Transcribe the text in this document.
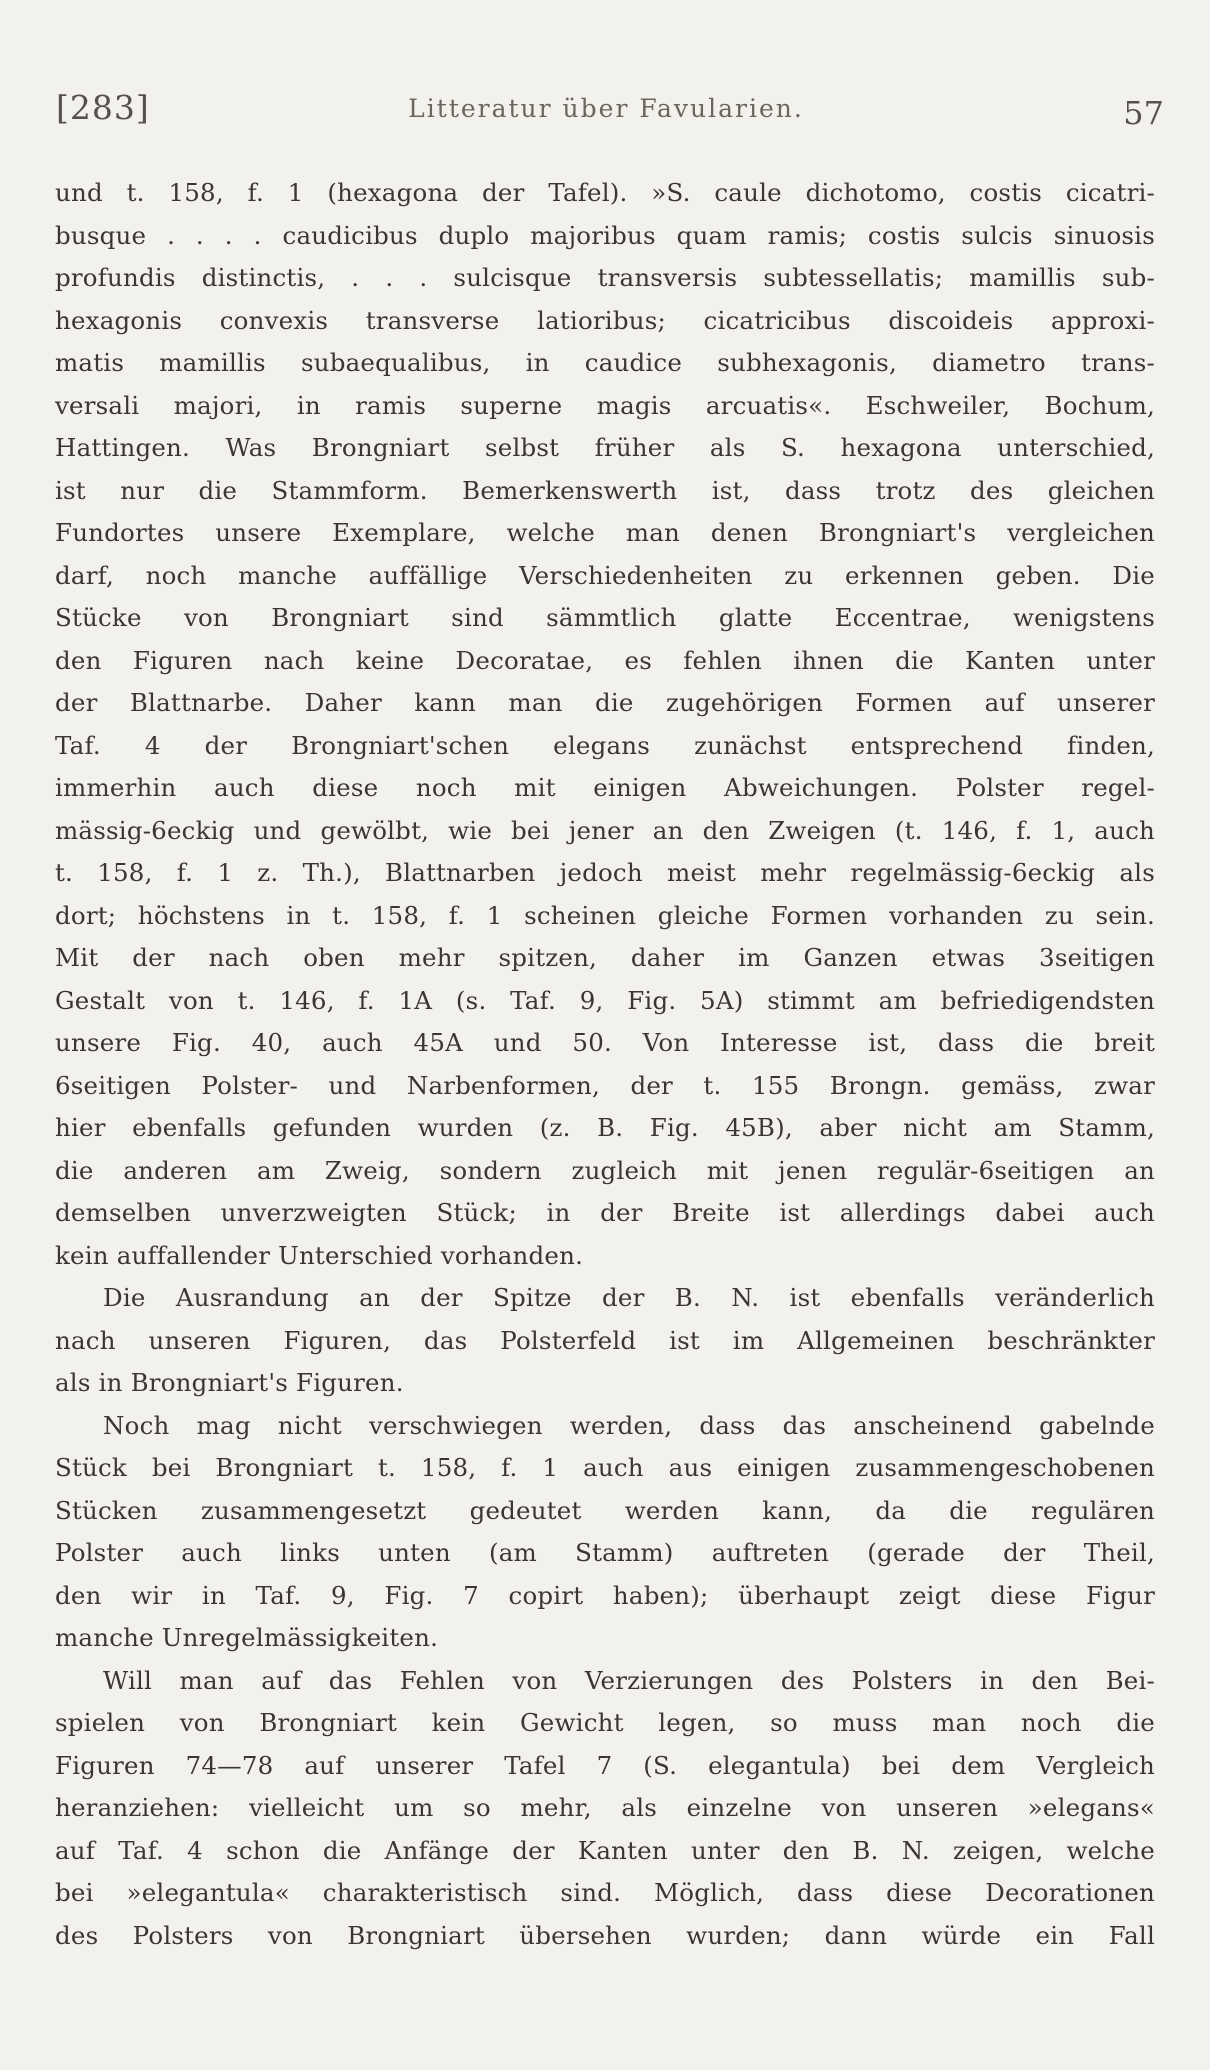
[283]	Litteratur über Favularien.	57
und t. 158, f. 1 (hexagona der Tafel). »S. caule dichotomo, costis cicatri-
busque . . . . caudicibus duplo majoribus quam ramis; costis sulcis sinuosis
profundis distinctis, . . . sulcisque transversis subtessellatis; mamillis sub-
hexagonis convexis transverse latioribus; cicatricibus discoideis approxi-
matis mamillis subaequalibus, in caudice subhexagonis, diametro trans-
versali majori, in ramis superne magis arcuatis«. Eschweiler, Bochum,
Hattingen. Was Brongniart selbst früher als S. hexagona unterschied,
ist nur die Stammform. Bemerkenswerth ist, dass trotz des gleichen
Fundortes unsere Exemplare, welche man denen Brongniart's vergleichen
darf, noch manche auffällige Verschiedenheiten zu erkennen geben. Die
Stücke von Brongniart sind sämmtlich glatte Eccentrae, wenigstens
den Figuren nach keine Decoratae, es fehlen ihnen die Kanten unter
der Blattnarbe. Daher kann man die zugehörigen Formen auf unserer
Taf. 4 der Brongniart'schen elegans zunächst entsprechend finden,
immerhin auch diese noch mit einigen Abweichungen. Polster regel-
mässig-6eckig und gewölbt, wie bei jener an den Zweigen (t. 146, f. 1, auch
t. 158, f. 1 z. Th.), Blattnarben jedoch meist mehr regelmässig-6eckig als
dort; höchstens in t. 158, f. 1 scheinen gleiche Formen vorhanden zu sein.
Mit der nach oben mehr spitzen, daher im Ganzen etwas 3seitigen
Gestalt von t. 146, f. 1A (s. Taf. 9, Fig. 5A) stimmt am befriedigendsten
unsere Fig. 40, auch 45A und 50. Von Interesse ist, dass die breit
6seitigen Polster- und Narbenformen, der t. 155 Brongn. gemäss, zwar
hier ebenfalls gefunden wurden (z. B. Fig. 45B), aber nicht am Stamm,
die anderen am Zweig, sondern zugleich mit jenen regulär-6seitigen an
demselben unverzweigten Stück; in der Breite ist allerdings dabei auch
kein auffallender Unterschied vorhanden.
Die Ausrandung an der Spitze der B. N. ist ebenfalls veränderlich
nach unseren Figuren, das Polsterfeld ist im Allgemeinen beschränkter
als in Brongniart's Figuren.
Noch mag nicht verschwiegen werden, dass das anscheinend gabelnde
Stück bei Brongniart t. 158, f. 1 auch aus einigen zusammengeschobenen
Stücken zusammengesetzt gedeutet werden kann, da die regulären
Polster auch links unten (am Stamm) auftreten (gerade der Theil,
den wir in Taf. 9, Fig. 7 copirt haben); überhaupt zeigt diese Figur
manche Unregelmässigkeiten.
Will man auf das Fehlen von Verzierungen des Polsters in den Bei-
spielen von Brongniart kein Gewicht legen, so muss man noch die
Figuren 74—78 auf unserer Tafel 7 (S. elegantula) bei dem Vergleich
heranziehen: vielleicht um so mehr, als einzelne von unseren »elegans«
auf Taf. 4 schon die Anfänge der Kanten unter den B. N. zeigen, welche
bei »elegantula« charakteristisch sind. Möglich, dass diese Decorationen
des Polsters von Brongniart übersehen wurden; dann würde ein Fall
